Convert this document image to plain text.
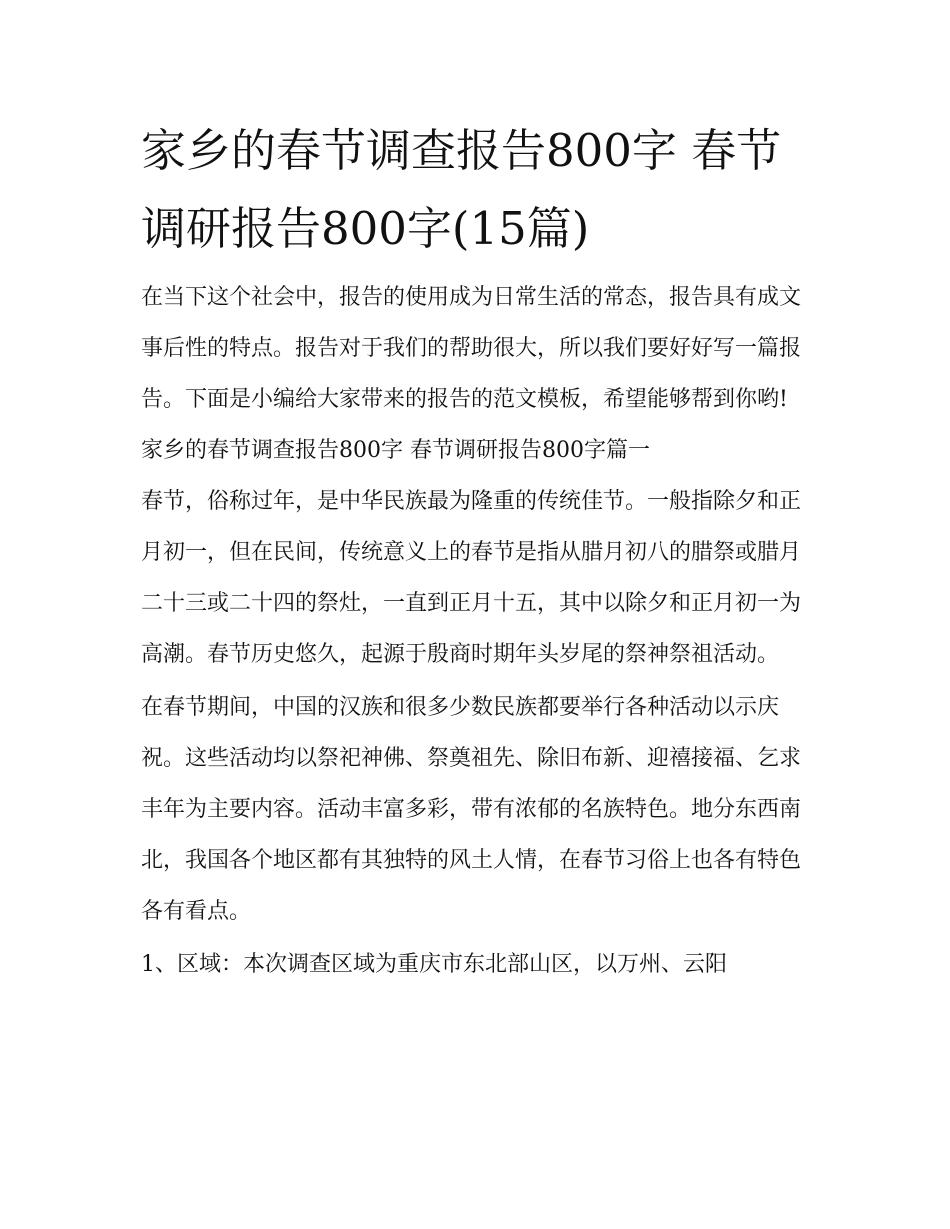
家乡的春节调查报告800字 春节调研报告800字(15篇)

在当下这个社会中，报告的使用成为日常生活的常态，报告具有成文事后性的特点。报告对于我们的帮助很大，所以我们要好好写一篇报告。下面是小编给大家带来的报告的范文模板，希望能够帮到你哟!

家乡的春节调查报告800字 春节调研报告800字篇一

春节，俗称过年，是中华民族最为隆重的传统佳节。一般指除夕和正月初一，但在民间，传统意义上的春节是指从腊月初八的腊祭或腊月二十三或二十四的祭灶，一直到正月十五，其中以除夕和正月初一为高潮。春节历史悠久，起源于殷商时期年头岁尾的祭神祭祖活动。

在春节期间，中国的汉族和很多少数民族都要举行各种活动以示庆祝。这些活动均以祭祀神佛、祭奠祖先、除旧布新、迎禧接福、乞求丰年为主要内容。活动丰富多彩，带有浓郁的名族特色。地分东西南北，我国各个地区都有其独特的风土人情，在春节习俗上也各有特色各有看点。

1、区域：本次调查区域为重庆市东北部山区，以万州、云阳
